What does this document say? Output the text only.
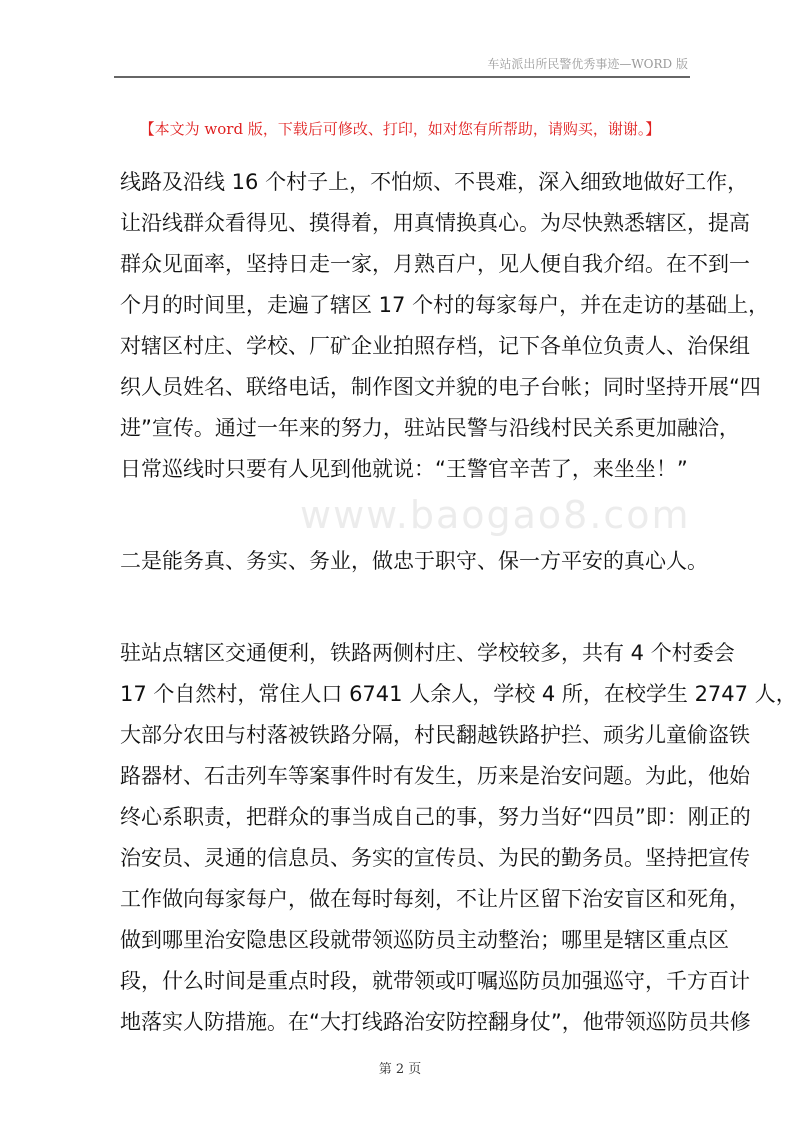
车站派出所民警优秀事迹—WORD 版
【本文为 word 版，下载后可修改、打印，如对您有所帮助，请购买，谢谢。】
www.baogao8.com
线路及沿线 16 个村子上，不怕烦、不畏难，深入细致地做好工作，
让沿线群众看得见、摸得着，用真情换真心。为尽快熟悉辖区，提高
群众见面率，坚持日走一家，月熟百户，见人便自我介绍。在不到一
个月的时间里，走遍了辖区 17 个村的每家每户，并在走访的基础上，
对辖区村庄、学校、厂矿企业拍照存档，记下各单位负责人、治保组
织人员姓名、联络电话，制作图文并貌的电子台帐；同时坚持开展“四
进”宣传。通过一年来的努力，驻站民警与沿线村民关系更加融洽，
日常巡线时只要有人见到他就说：“王警官辛苦了，来坐坐！”
二是能务真、务实、务业，做忠于职守、保一方平安的真心人。
驻站点辖区交通便利，铁路两侧村庄、学校较多，共有 4 个村委会
17 个自然村，常住人口 6741 人余人，学校 4 所，在校学生 2747 人，
大部分农田与村落被铁路分隔，村民翻越铁路护拦、顽劣儿童偷盗铁
路器材、石击列车等案事件时有发生，历来是治安问题。为此，他始
终心系职责，把群众的事当成自己的事，努力当好“四员”即：刚正的
治安员、灵通的信息员、务实的宣传员、为民的勤务员。坚持把宣传
工作做向每家每户，做在每时每刻，不让片区留下治安盲区和死角，
做到哪里治安隐患区段就带领巡防员主动整治；哪里是辖区重点区
段，什么时间是重点时段，就带领或叮嘱巡防员加强巡守，千方百计
地落实人防措施。在“大打线路治安防控翻身仗”，他带领巡防员共修
第 2 页
